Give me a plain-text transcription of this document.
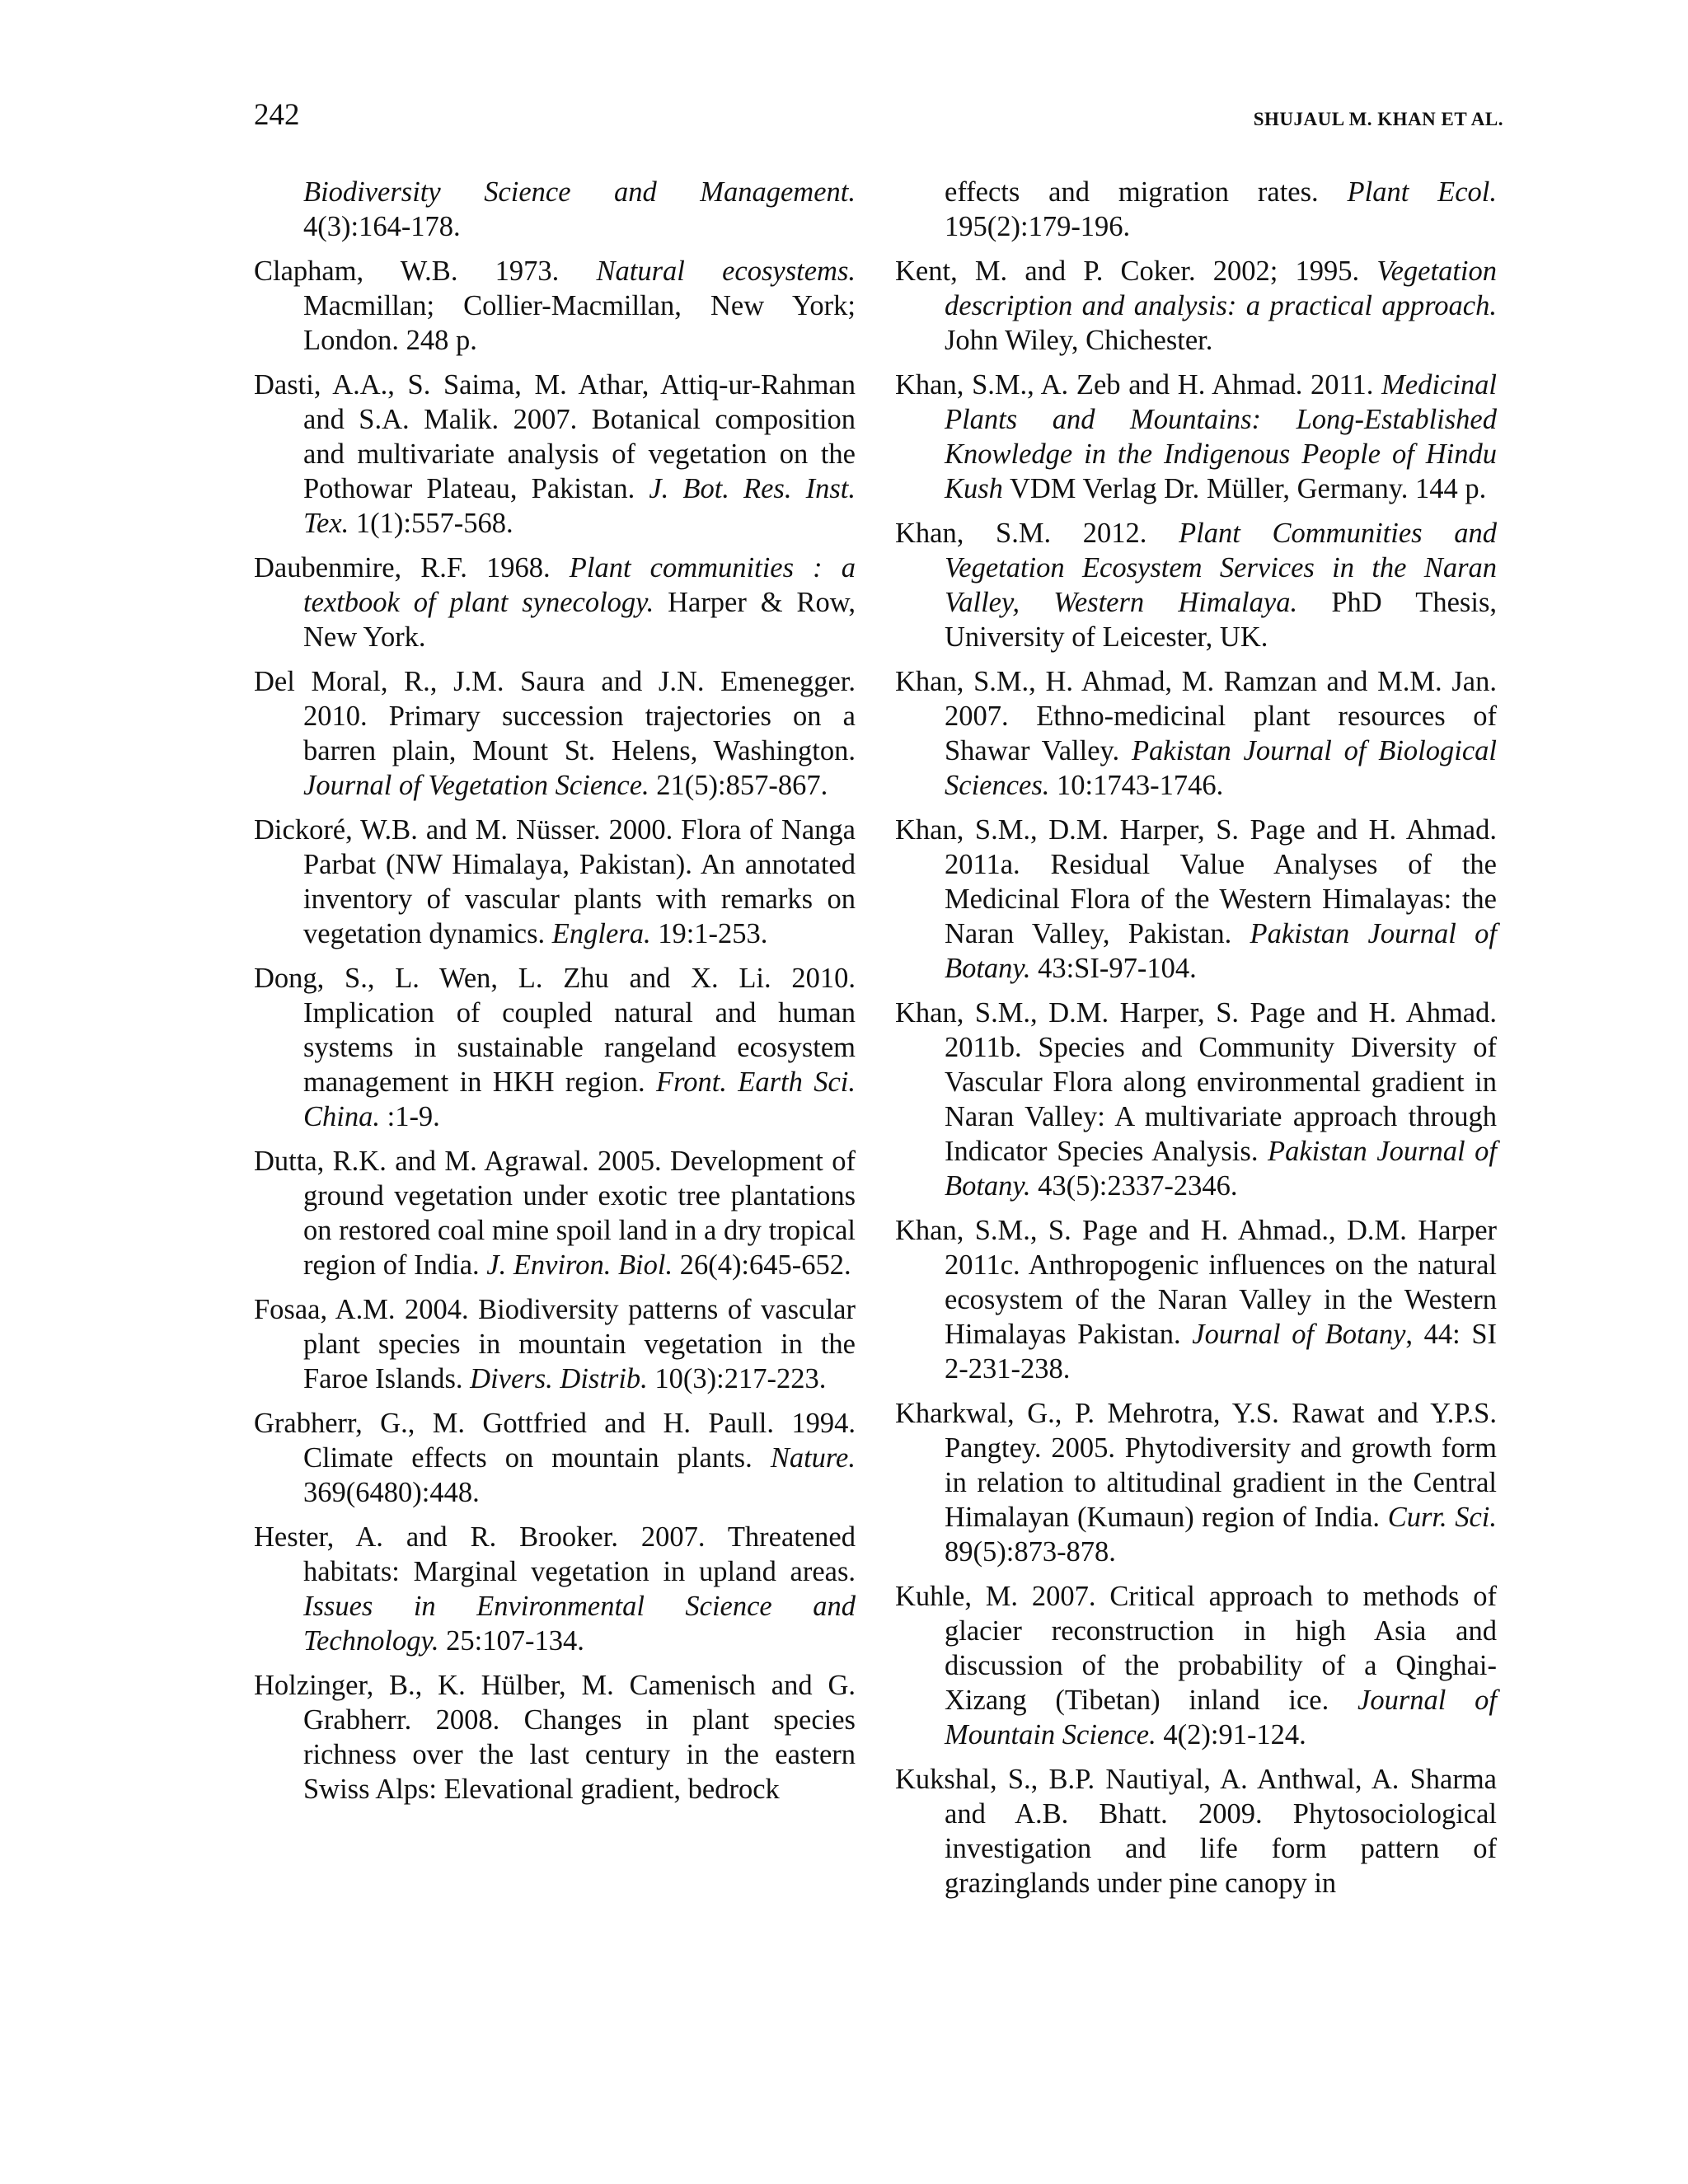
242	SHUJAUL M. KHAN ET AL.

Biodiversity Science and Management. 4(3):164-178.

Clapham, W.B. 1973. Natural ecosystems. Macmillan; Collier-Macmillan, New York; London. 248 p.

Dasti, A.A., S. Saima, M. Athar, Attiq-ur-Rahman and S.A. Malik. 2007. Botanical composition and multivariate analysis of vegetation on the Pothowar Plateau, Pakistan. J. Bot. Res. Inst. Tex. 1(1):557-568.

Daubenmire, R.F. 1968. Plant communities : a textbook of plant synecology. Harper & Row, New York.

Del Moral, R., J.M. Saura and J.N. Emenegger. 2010. Primary succession trajectories on a barren plain, Mount St. Helens, Washington. Journal of Vegetation Science. 21(5):857-867.

Dickoré, W.B. and M. Nüsser. 2000. Flora of Nanga Parbat (NW Himalaya, Pakistan). An annotated inventory of vascular plants with remarks on vegetation dynamics. Englera. 19:1-253.

Dong, S., L. Wen, L. Zhu and X. Li. 2010. Implication of coupled natural and human systems in sustainable rangeland ecosystem management in HKH region. Front. Earth Sci. China. :1-9.

Dutta, R.K. and M. Agrawal. 2005. Development of ground vegetation under exotic tree plantations on restored coal mine spoil land in a dry tropical region of India. J. Environ. Biol. 26(4):645-652.

Fosaa, A.M. 2004. Biodiversity patterns of vascular plant species in mountain vegetation in the Faroe Islands. Divers. Distrib. 10(3):217-223.

Grabherr, G., M. Gottfried and H. Paull. 1994. Climate effects on mountain plants. Nature. 369(6480):448.

Hester, A. and R. Brooker. 2007. Threatened habitats: Marginal vegetation in upland areas. Issues in Environmental Science and Technology. 25:107-134.

Holzinger, B., K. Hülber, M. Camenisch and G. Grabherr. 2008. Changes in plant species richness over the last century in the eastern Swiss Alps: Elevational gradient, bedrock

effects and migration rates. Plant Ecol. 195(2):179-196.

Kent, M. and P. Coker. 2002; 1995. Vegetation description and analysis: a practical approach. John Wiley, Chichester.

Khan, S.M., A. Zeb and H. Ahmad. 2011. Medicinal Plants and Mountains: Long-Established Knowledge in the Indigenous People of Hindu Kush VDM Verlag Dr. Müller, Germany. 144 p.

Khan, S.M. 2012. Plant Communities and Vegetation Ecosystem Services in the Naran Valley, Western Himalaya. PhD Thesis, University of Leicester, UK.

Khan, S.M., H. Ahmad, M. Ramzan and M.M. Jan. 2007. Ethno-medicinal plant resources of Shawar Valley. Pakistan Journal of Biological Sciences. 10:1743-1746.

Khan, S.M., D.M. Harper, S. Page and H. Ahmad. 2011a. Residual Value Analyses of the Medicinal Flora of the Western Himalayas: the Naran Valley, Pakistan. Pakistan Journal of Botany. 43:SI-97-104.

Khan, S.M., D.M. Harper, S. Page and H. Ahmad. 2011b. Species and Community Diversity of Vascular Flora along environmental gradient in Naran Valley: A multivariate approach through Indicator Species Analysis. Pakistan Journal of Botany. 43(5):2337-2346.

Khan, S.M., S. Page and H. Ahmad., D.M. Harper 2011c. Anthropogenic influences on the natural ecosystem of the Naran Valley in the Western Himalayas Pakistan. Journal of Botany, 44: SI 2-231-238.

Kharkwal, G., P. Mehrotra, Y.S. Rawat and Y.P.S. Pangtey. 2005. Phytodiversity and growth form in relation to altitudinal gradient in the Central Himalayan (Kumaun) region of India. Curr. Sci. 89(5):873-878.

Kuhle, M. 2007. Critical approach to methods of glacier reconstruction in high Asia and discussion of the probability of a Qinghai-Xizang (Tibetan) inland ice. Journal of Mountain Science. 4(2):91-124.

Kukshal, S., B.P. Nautiyal, A. Anthwal, A. Sharma and A.B. Bhatt. 2009. Phytosociological investigation and life form pattern of grazinglands under pine canopy in
